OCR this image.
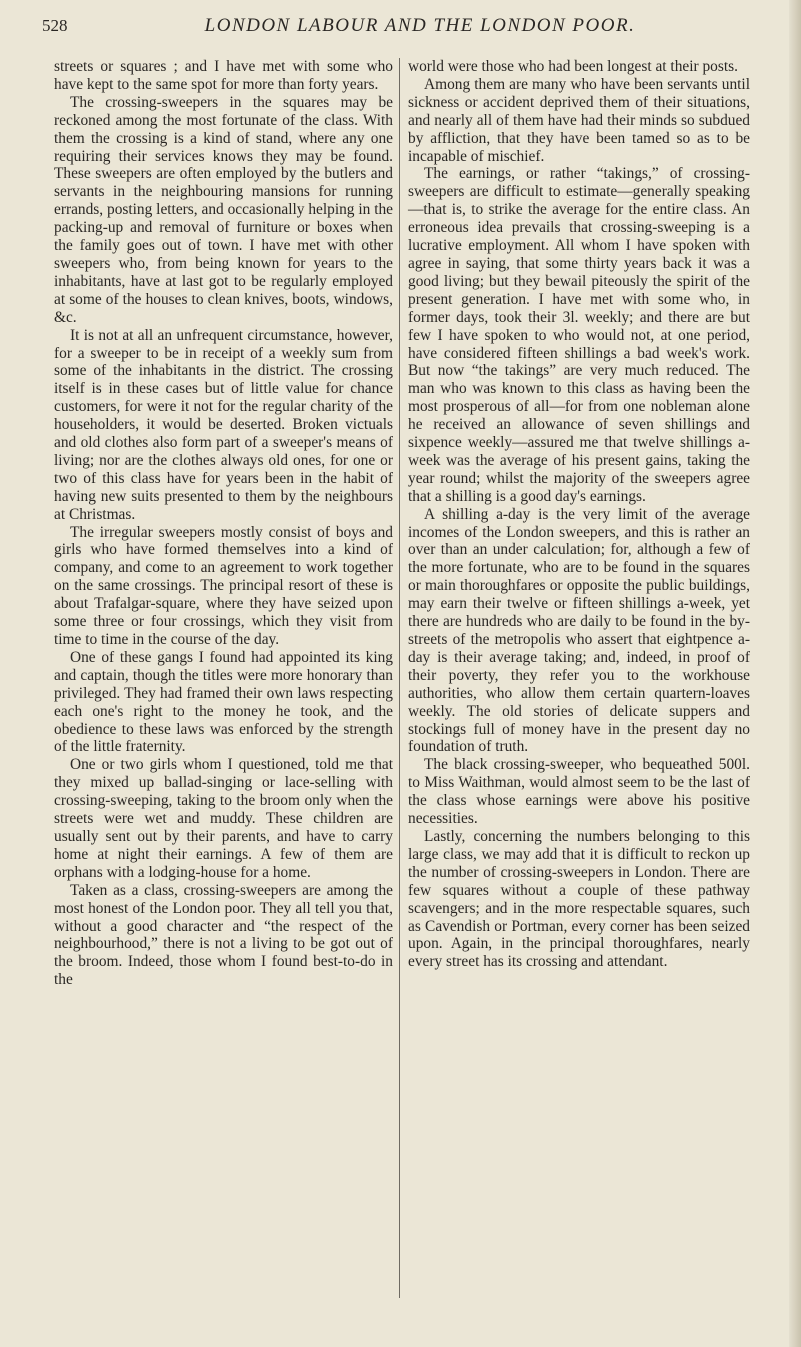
528	LONDON LABOUR AND THE LONDON POOR.

streets or squares ; and I have met with some who have kept to the same spot for more than forty years.

The crossing-sweepers in the squares may be reckoned among the most fortunate of the class. With them the crossing is a kind of stand, where any one requiring their services knows they may be found. These sweepers are often employed by the butlers and servants in the neighbouring mansions for running errands, posting letters, and occasionally helping in the packing-up and removal of furniture or boxes when the family goes out of town. I have met with other sweepers who, from being known for years to the inhabitants, have at last got to be regularly employed at some of the houses to clean knives, boots, windows, &c.

It is not at all an unfrequent circumstance, however, for a sweeper to be in receipt of a weekly sum from some of the inhabitants in the district. The crossing itself is in these cases but of little value for chance customers, for were it not for the regular charity of the householders, it would be deserted. Broken victuals and old clothes also form part of a sweeper's means of living; nor are the clothes always old ones, for one or two of this class have for years been in the habit of having new suits presented to them by the neighbours at Christmas.

The irregular sweepers mostly consist of boys and girls who have formed themselves into a kind of company, and come to an agreement to work together on the same crossings. The principal resort of these is about Trafalgar-square, where they have seized upon some three or four crossings, which they visit from time to time in the course of the day.

One of these gangs I found had appointed its king and captain, though the titles were more honorary than privileged. They had framed their own laws respecting each one's right to the money he took, and the obedience to these laws was enforced by the strength of the little fraternity.

One or two girls whom I questioned, told me that they mixed up ballad-singing or lace-selling with crossing-sweeping, taking to the broom only when the streets were wet and muddy. These children are usually sent out by their parents, and have to carry home at night their earnings. A few of them are orphans with a lodging-house for a home.

Taken as a class, crossing-sweepers are among the most honest of the London poor. They all tell you that, without a good character and “the respect of the neighbourhood,” there is not a living to be got out of the broom. Indeed, those whom I found best-to-do in the

world were those who had been longest at their posts.

Among them are many who have been servants until sickness or accident deprived them of their situations, and nearly all of them have had their minds so subdued by affliction, that they have been tamed so as to be incapable of mischief.

The earnings, or rather “takings,” of crossing-sweepers are difficult to estimate—generally speaking—that is, to strike the average for the entire class. An erroneous idea prevails that crossing-sweeping is a lucrative employment. All whom I have spoken with agree in saying, that some thirty years back it was a good living; but they bewail piteously the spirit of the present generation. I have met with some who, in former days, took their 3l. weekly; and there are but few I have spoken to who would not, at one period, have considered fifteen shillings a bad week's work. But now “the takings” are very much reduced. The man who was known to this class as having been the most prosperous of all—for from one nobleman alone he received an allowance of seven shillings and sixpence weekly—assured me that twelve shillings a-week was the average of his present gains, taking the year round; whilst the majority of the sweepers agree that a shilling is a good day's earnings.

A shilling a-day is the very limit of the average incomes of the London sweepers, and this is rather an over than an under calculation; for, although a few of the more fortunate, who are to be found in the squares or main thoroughfares or opposite the public buildings, may earn their twelve or fifteen shillings a-week, yet there are hundreds who are daily to be found in the by-streets of the metropolis who assert that eightpence a-day is their average taking; and, indeed, in proof of their poverty, they refer you to the workhouse authorities, who allow them certain quartern-loaves weekly. The old stories of delicate suppers and stockings full of money have in the present day no foundation of truth.

The black crossing-sweeper, who bequeathed 500l. to Miss Waithman, would almost seem to be the last of the class whose earnings were above his positive necessities.

Lastly, concerning the numbers belonging to this large class, we may add that it is difficult to reckon up the number of crossing-sweepers in London. There are few squares without a couple of these pathway scavengers; and in the more respectable squares, such as Cavendish or Portman, every corner has been seized upon. Again, in the principal thoroughfares, nearly every street has its crossing and attendant.
